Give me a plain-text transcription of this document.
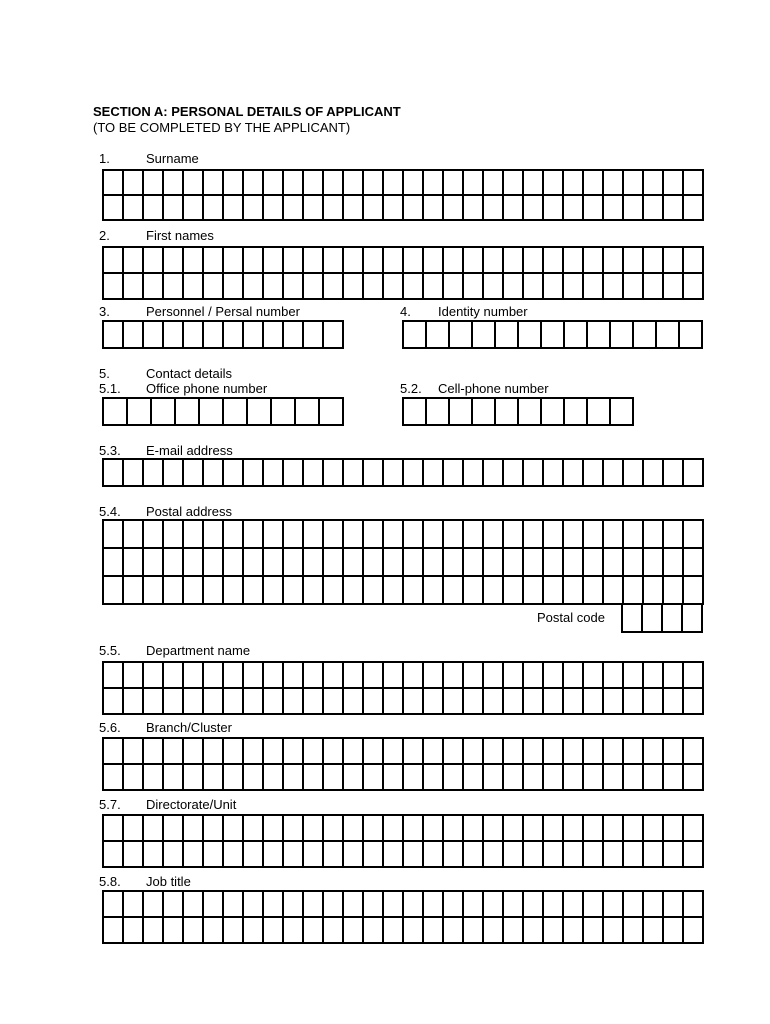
SECTION A: PERSONAL DETAILS OF APPLICANT
(TO BE COMPLETED BY THE APPLICANT)
1.	Surname
2.	First names
3.	Personnel / Persal number	4. Identity number
5.	Contact details
5.1. Office phone number	5.2. Cell-phone number
5.3. E-mail address
5.4. Postal address
Postal code
5.5. Department name
5.6. Branch/Cluster
5.7. Directorate/Unit
5.8. Job title
